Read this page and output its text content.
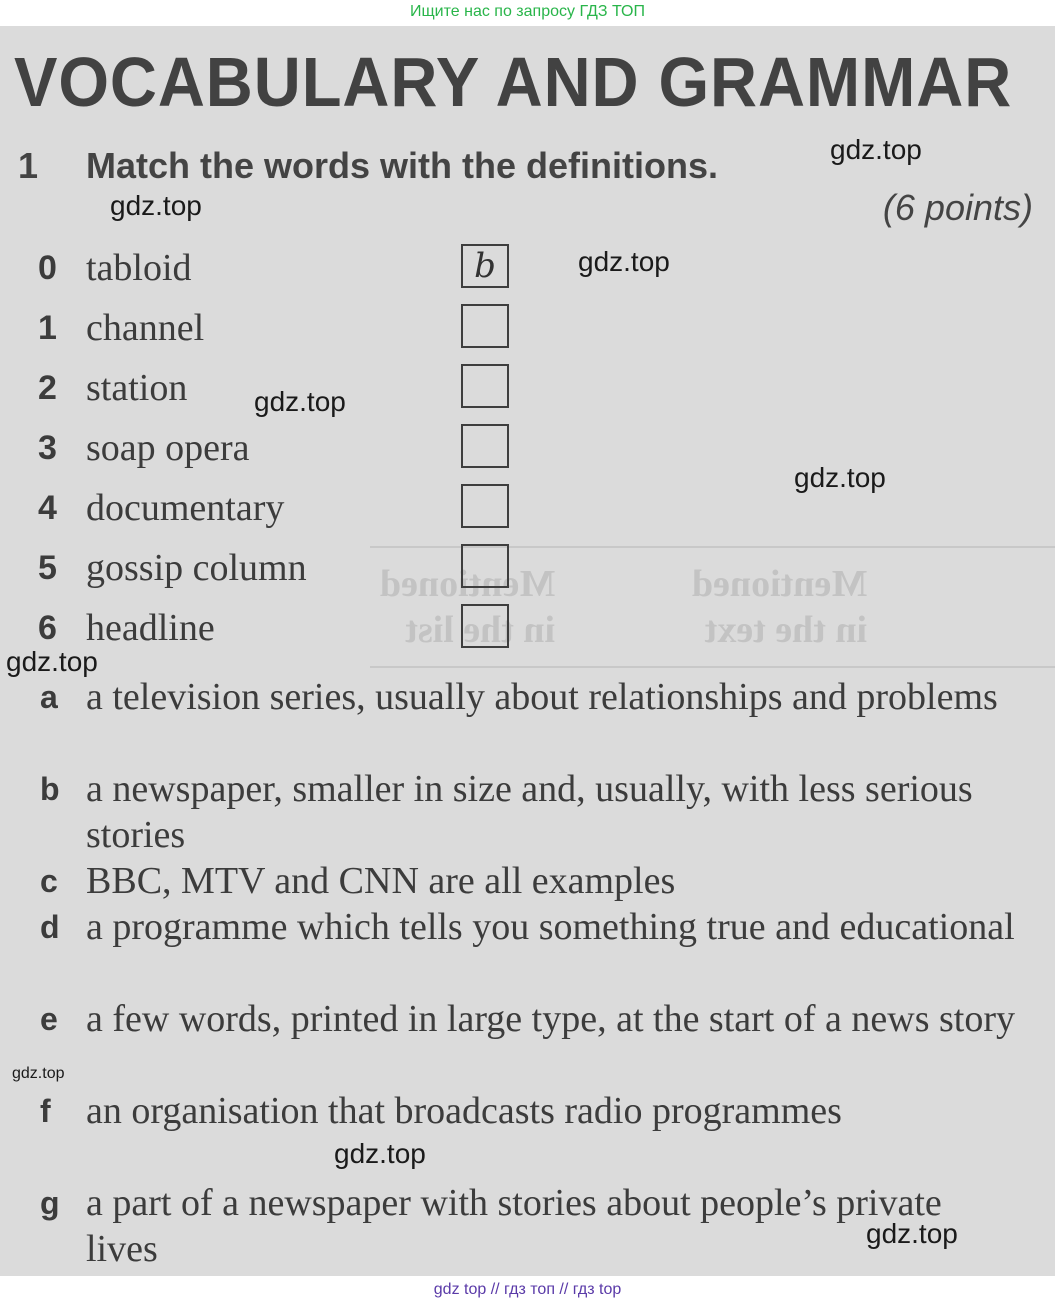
Ищите нас по запросу ГДЗ ТОП
Mentioned
in the text
Mentioned
in the list
VOCABULARY AND GRAMMAR
1 Match the words with the definitions.
(6 points)
0 tabloid	b
1 channel
2 station
3 soap opera
4 documentary
5 gossip column
6 headline
a a television series, usually about relationships and problems
b a newspaper, smaller in size and, usually, with less serious stories
c BBC, MTV and CNN are all examples
d a programme which tells you something true and educational
e a few words, printed in large type, at the start of a news story
f an organisation that broadcasts radio programmes
g a part of a newspaper with stories about people’s private lives
gdz.top
gdz.top
gdz.top
gdz.top
gdz.top
gdz.top
gdz.top
gdz.top
gdz.top
gdz top // гдз топ // гдз top
